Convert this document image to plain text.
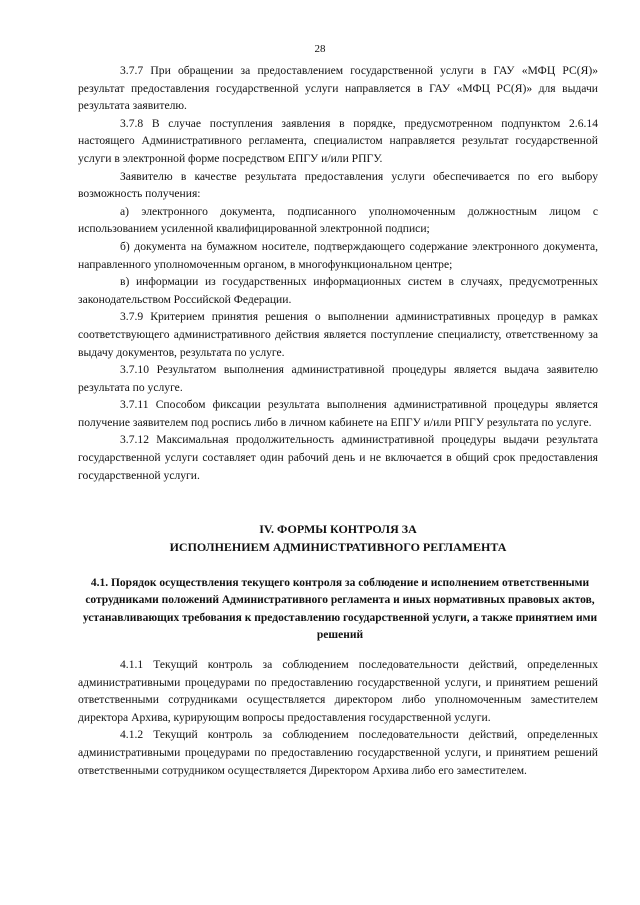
28

3.7.7 При обращении за предоставлением государственной услуги в ГАУ «МФЦ РС(Я)» результат предоставления государственной услуги направляется в ГАУ «МФЦ РС(Я)» для выдачи результата заявителю.

3.7.8 В случае поступления заявления в порядке, предусмотренном подпунктом 2.6.14 настоящего Административного регламента, специалистом направляется результат государственной услуги в электронной форме посредством ЕПГУ и/или РПГУ.

Заявителю в качестве результата предоставления услуги обеспечивается по его выбору возможность получения:

а) электронного документа, подписанного уполномоченным должностным лицом с использованием усиленной квалифицированной электронной подписи;

б) документа на бумажном носителе, подтверждающего содержание электронного документа, направленного уполномоченным органом, в многофункциональном центре;

в) информации из государственных информационных систем в случаях, предусмотренных законодательством Российской Федерации.

3.7.9 Критерием принятия решения о выполнении административных процедур в рамках соответствующего административного действия является поступление специалисту, ответственному за выдачу документов, результата по услуге.

3.7.10 Результатом выполнения административной процедуры является выдача заявителю результата по услуге.

3.7.11 Способом фиксации результата выполнения административной процедуры является получение заявителем под роспись либо в личном кабинете на ЕПГУ и/или РПГУ результата по услуге.

3.7.12 Максимальная продолжительность административной процедуры выдачи результата государственной услуги составляет один рабочий день и не включается в общий срок предоставления государственной услуги.

IV. ФОРМЫ КОНТРОЛЯ ЗА
ИСПОЛНЕНИЕМ АДМИНИСТРАТИВНОГО РЕГЛАМЕНТА

4.1. Порядок осуществления текущего контроля за соблюдение и исполнением ответственными сотрудниками положений Административного регламента и иных нормативных правовых актов, устанавливающих требования к предоставлению государственной услуги, а также принятием ими решений

4.1.1 Текущий контроль за соблюдением последовательности действий, определенных административными процедурами по предоставлению государственной услуги, и принятием решений ответственными сотрудниками осуществляется директором либо уполномоченным заместителем директора Архива, курирующим вопросы предоставления государственной услуги.

4.1.2 Текущий контроль за соблюдением последовательности действий, определенных административными процедурами по предоставлению государственной услуги, и принятием решений ответственными сотрудником осуществляется Директором Архива либо его заместителем.
